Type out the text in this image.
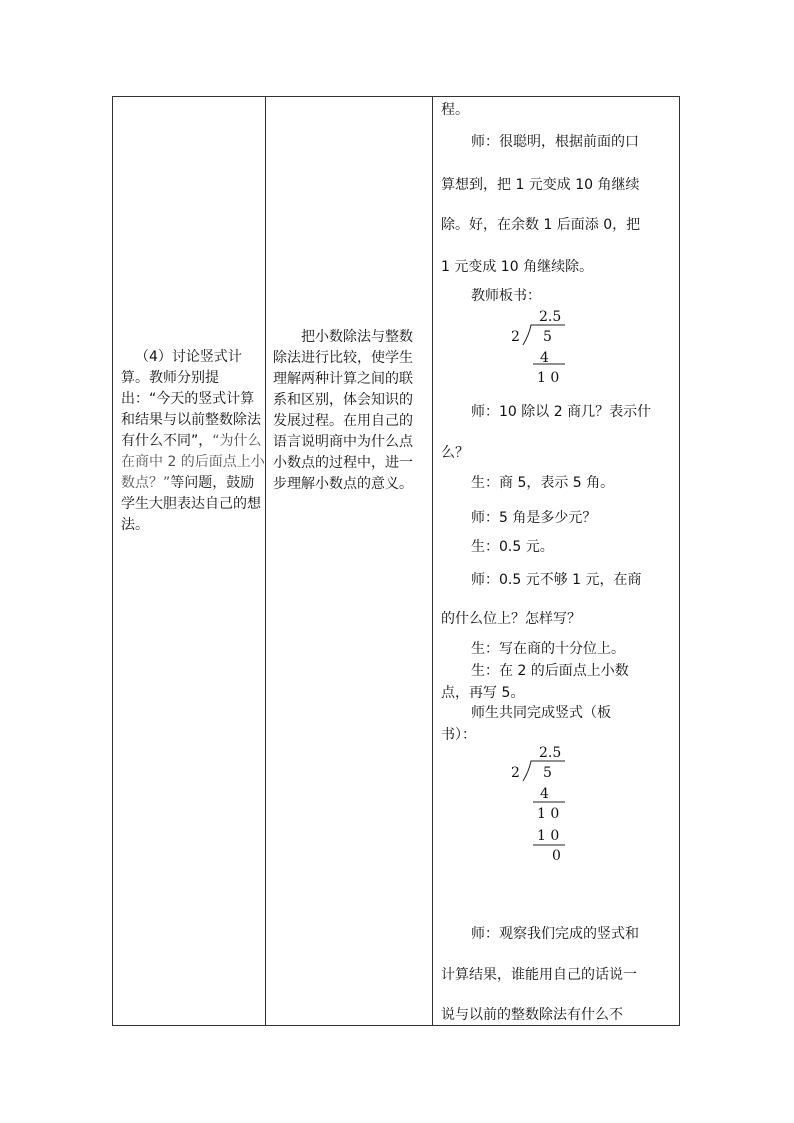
（4）讨论竖式计算。教师分别提出：“今天的竖式计算和结果与以前整数除法有什么不同”，“为什么在商中 2 的后面点上小数点？”等问题，鼓励学生大胆表达自己的想法。
把小数除法与整数除法进行比较，使学生理解两种计算之间的联系和区别，体会知识的发展过程。在用自己的语言说明商中为什么点小数点的过程中，进一步理解小数点的意义。
程。
师：很聪明，根据前面的口
算想到，把 1 元变成 10 角继续
除。好，在余数 1 后面添 0，把
1 元变成 10 角继续除。
教师板书：
2.5
2 5
4
1 0
师：10 除以 2 商几？表示什
么？
生：商 5，表示 5 角。
师：5 角是多少元？
生：0.5 元。
师：0.5 元不够 1 元，在商
的什么位上？怎样写？
生：写在商的十分位上。
生：在 2 的后面点上小数
点，再写 5。
师生共同完成竖式（板
书）：
2.5
2 5
4
1 0
1 0
0
师：观察我们完成的竖式和
计算结果，谁能用自己的话说一
说与以前的整数除法有什么不
